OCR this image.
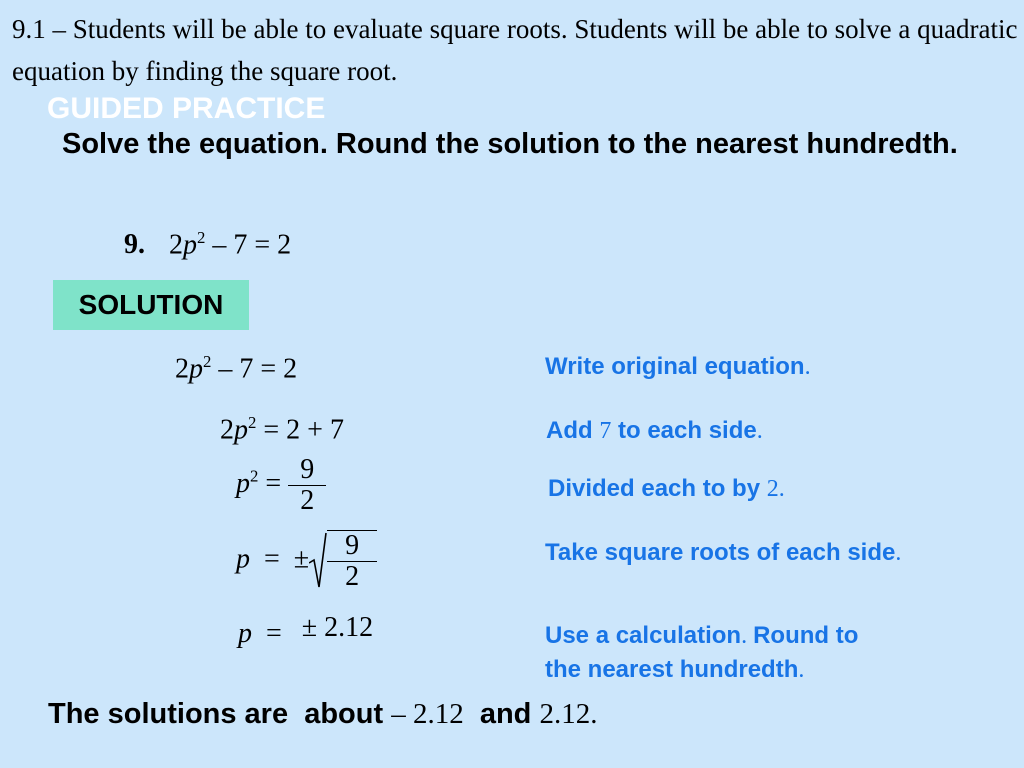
9.1 – Students will be able to evaluate square roots. Students will be able to solve a quadratic equation by finding the square root.
GUIDED PRACTICE
Solve the equation. Round the solution to the nearest hundredth.
9. $2p^2 - 7 = 2$
SOLUTION
$2p^2 - 7 = 2$	Write original equation.
$2p^2 = 2 + 7$	Add 7 to each side.
$p^2 = \frac{9}{2}$	Divided each to by 2.
p  =  ± $\frac{9}{2}$	Take square roots of each side.
p  =  ± 2.12	Use a calculation. Round to
the nearest hundredth.
The solutions are  about – 2.12  and 2.12.
